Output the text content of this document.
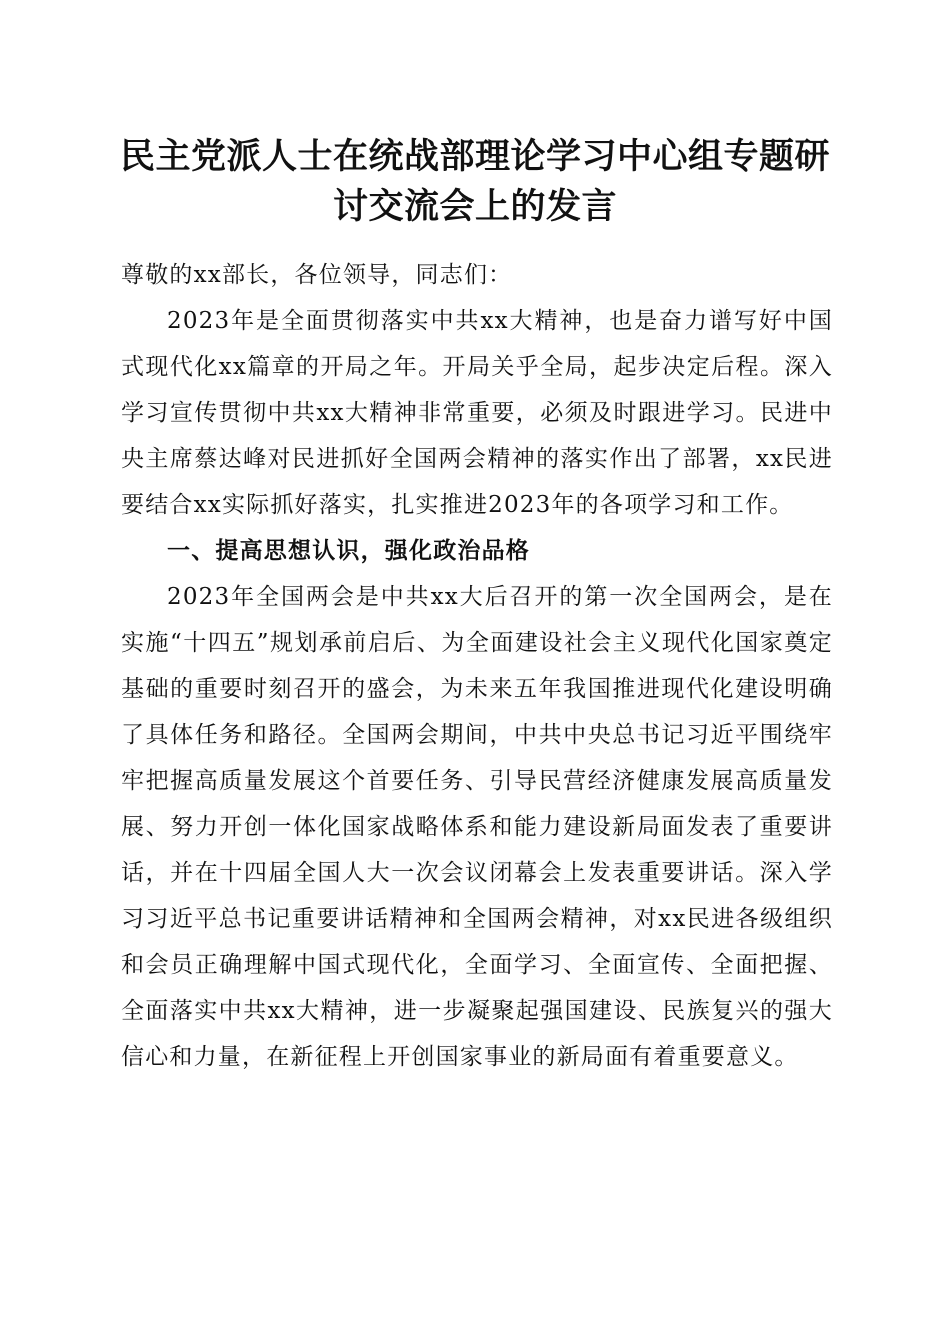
民主党派人士在统战部理论学习中心组专题研
讨交流会上的发言

尊敬的xx部长，各位领导，同志们：

2023年是全面贯彻落实中共xx大精神，也是奋力谱写好中国式现代化xx篇章的开局之年。开局关乎全局，起步决定后程。深入学习宣传贯彻中共xx大精神非常重要，必须及时跟进学习。民进中央主席蔡达峰对民进抓好全国两会精神的落实作出了部署，xx民进要结合xx实际抓好落实，扎实推进2023年的各项学习和工作。

一、提高思想认识，强化政治品格

2023年全国两会是中共xx大后召开的第一次全国两会，是在实施“十四五”规划承前启后、为全面建设社会主义现代化国家奠定基础的重要时刻召开的盛会，为未来五年我国推进现代化建设明确了具体任务和路径。全国两会期间，中共中央总书记习近平围绕牢牢把握高质量发展这个首要任务、引导民营经济健康发展高质量发展、努力开创一体化国家战略体系和能力建设新局面发表了重要讲话，并在十四届全国人大一次会议闭幕会上发表重要讲话。深入学习习近平总书记重要讲话精神和全国两会精神，对xx民进各级组织和会员正确理解中国式现代化，全面学习、全面宣传、全面把握、全面落实中共xx大精神，进一步凝聚起强国建设、民族复兴的强大信心和力量，在新征程上开创国家事业的新局面有着重要意义。
